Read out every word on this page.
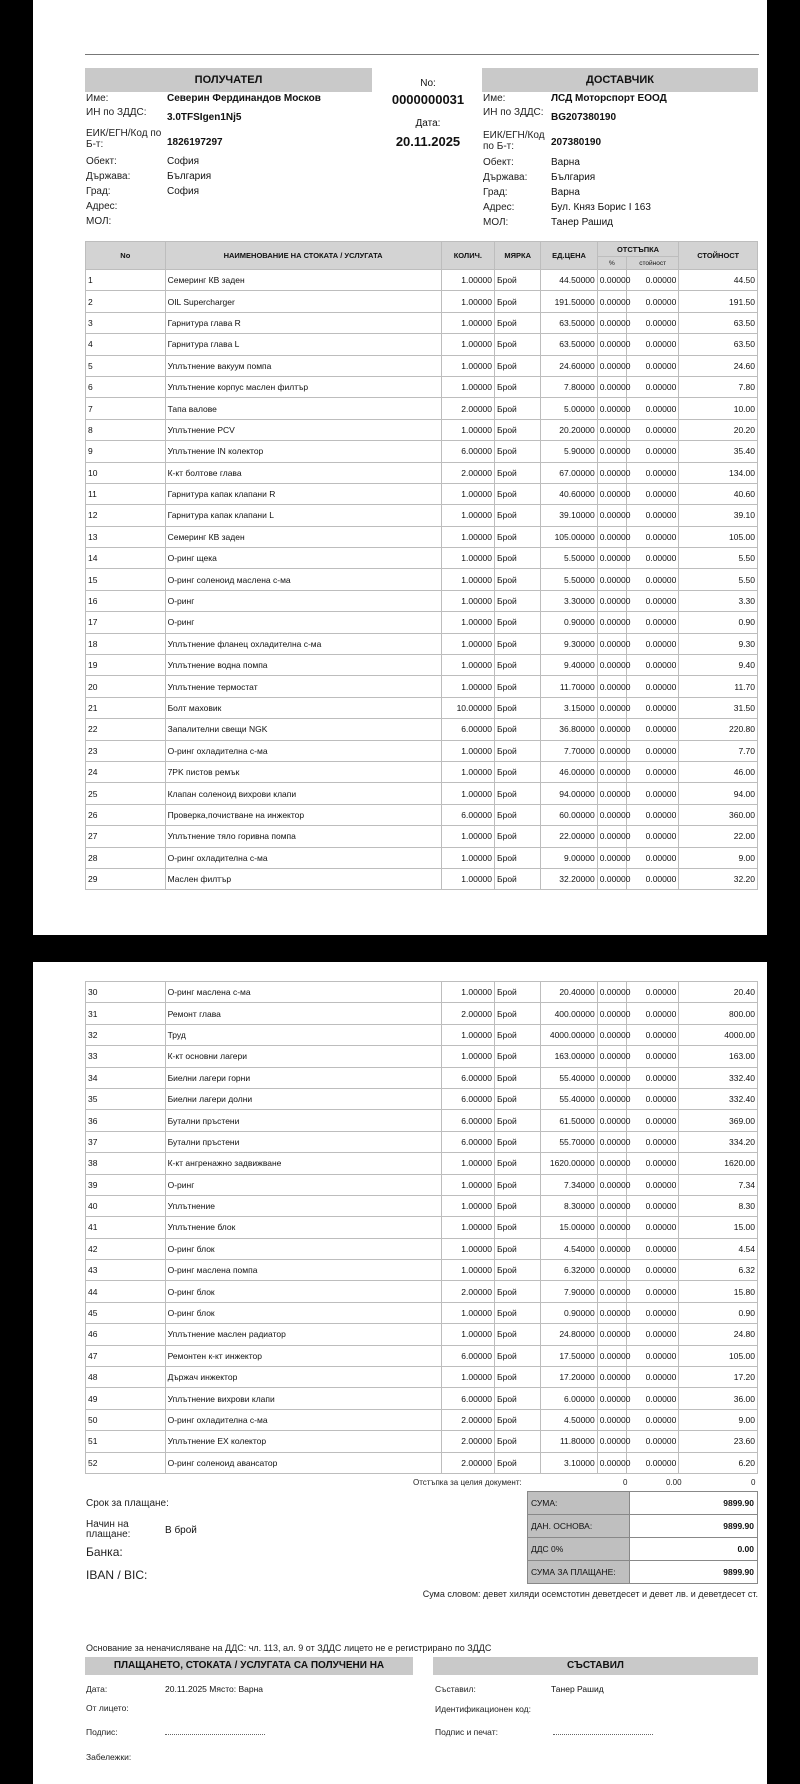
ПОЛУЧАТЕЛ	ДОСТАВЧИК
No:
0000000031
Дата:
20.11.2025
Име:	Северин Фердинандов Москов
ИН по ЗДДС: 3.0TFSIgen1Nj5
ЕИК/ЕГН/Код по
Б-т:	1826197297
Обект:	София
Държава:	България
Град:	София
Адрес:
МОЛ:
Име:	ЛСД Моторспорт ЕООД
ИН по ЗДДС: BG207380190
ЕИК/ЕГН/Код
по Б-т:	207380190
Обект:	Варна
Държава: България
Град:	Варна
Адрес:	Бул. Княз Борис I 163
МОЛ:	Танер Рашид
No	НАИМЕНОВАНИЕ НА СТОКАТА / УСЛУГАТА	КОЛИЧ.	МЯРКА	ЕД.ЦЕНА	ОТСТЪПКА		СТОЙНОСТ
					%	стойност	
1	Семеринг КВ заден	1.00000	Брой	44.50000	0.00000	0.00000	44.50
2	OIL Supercharger	1.00000	Брой	191.50000	0.00000	0.00000	191.50
3	Гарнитура глава R	1.00000	Брой	63.50000	0.00000	0.00000	63.50
4	Гарнитура глава L	1.00000	Брой	63.50000	0.00000	0.00000	63.50
5	Уплътнение вакуум помпа	1.00000	Брой	24.60000	0.00000	0.00000	24.60
6	Уплътнение корпус маслен филтър	1.00000	Брой	7.80000	0.00000	0.00000	7.80
7	Тапа валове	2.00000	Брой	5.00000	0.00000	0.00000	10.00
8	Уплътнение PCV	1.00000	Брой	20.20000	0.00000	0.00000	20.20
9	Уплътнение IN колектор	6.00000	Брой	5.90000	0.00000	0.00000	35.40
10	К-кт болтове глава	2.00000	Брой	67.00000	0.00000	0.00000	134.00
11	Гарнитура капак клапани R	1.00000	Брой	40.60000	0.00000	0.00000	40.60
12	Гарнитура капак клапани L	1.00000	Брой	39.10000	0.00000	0.00000	39.10
13	Семеринг КВ заден	1.00000	Брой	105.00000	0.00000	0.00000	105.00
14	О-ринг щека	1.00000	Брой	5.50000	0.00000	0.00000	5.50
15	О-ринг соленоид маслена с-ма	1.00000	Брой	5.50000	0.00000	0.00000	5.50
16	О-ринг	1.00000	Брой	3.30000	0.00000	0.00000	3.30
17	О-ринг	1.00000	Брой	0.90000	0.00000	0.00000	0.90
18	Уплътнение фланец охладителна с-ма	1.00000	Брой	9.30000	0.00000	0.00000	9.30
19	Уплътнение водна помпа	1.00000	Брой	9.40000	0.00000	0.00000	9.40
20	Уплътнение термостат	1.00000	Брой	11.70000	0.00000	0.00000	11.70
21	Болт маховик	10.00000	Брой	3.15000	0.00000	0.00000	31.50
22	Запалителни свещи NGK	6.00000	Брой	36.80000	0.00000	0.00000	220.80
23	О-ринг охладителна с-ма	1.00000	Брой	7.70000	0.00000	0.00000	7.70
24	7PK пистов ремък	1.00000	Брой	46.00000	0.00000	0.00000	46.00
25	Клапан соленоид вихрови клапи	1.00000	Брой	94.00000	0.00000	0.00000	94.00
26	Проверка,почистване на инжектор	6.00000	Брой	60.00000	0.00000	0.00000	360.00
27	Уплътнение тяло горивна помпа	1.00000	Брой	22.00000	0.00000	0.00000	22.00
28	О-ринг охладителна с-ма	1.00000	Брой	9.00000	0.00000	0.00000	9.00
29	Маслен филтър	1.00000	Брой	32.20000	0.00000	0.00000	32.20
30	О-ринг маслена с-ма	1.00000	Брой	20.40000	0.00000	0.00000	20.40
31	Ремонт глава	2.00000	Брой	400.00000	0.00000	0.00000	800.00
32	Труд	1.00000	Брой	4000.00000	0.00000	0.00000	4000.00
33	К-кт основни лагери	1.00000	Брой	163.00000	0.00000	0.00000	163.00
34	Биелни лагери горни	6.00000	Брой	55.40000	0.00000	0.00000	332.40
35	Биелни лагери долни	6.00000	Брой	55.40000	0.00000	0.00000	332.40
36	Бутални пръстени	6.00000	Брой	61.50000	0.00000	0.00000	369.00
37	Бутални пръстени	6.00000	Брой	55.70000	0.00000	0.00000	334.20
38	К-кт ангренажно задвижване	1.00000	Брой	1620.00000	0.00000	0.00000	1620.00
39	О-ринг	1.00000	Брой	7.34000	0.00000	0.00000	7.34
40	Уплътнение	1.00000	Брой	8.30000	0.00000	0.00000	8.30
41	Уплътнение блок	1.00000	Брой	15.00000	0.00000	0.00000	15.00
42	О-ринг блок	1.00000	Брой	4.54000	0.00000	0.00000	4.54
43	О-ринг маслена помпа	1.00000	Брой	6.32000	0.00000	0.00000	6.32
44	О-ринг блок	2.00000	Брой	7.90000	0.00000	0.00000	15.80
45	О-ринг блок	1.00000	Брой	0.90000	0.00000	0.00000	0.90
46	Уплътнение маслен радиатор	1.00000	Брой	24.80000	0.00000	0.00000	24.80
47	Ремонтен к-кт инжектор	6.00000	Брой	17.50000	0.00000	0.00000	105.00
48	Държач инжектор	1.00000	Брой	17.20000	0.00000	0.00000	17.20
49	Уплътнение вихрови клапи	6.00000	Брой	6.00000	0.00000	0.00000	36.00
50	О-ринг охладителна с-ма	2.00000	Брой	4.50000	0.00000	0.00000	9.00
51	Уплътнение EX колектор	2.00000	Брой	11.80000	0.00000	0.00000	23.60
52	О-ринг соленоид авансатор	2.00000	Брой	3.10000	0.00000	0.00000	6.20
Отстъпка за целия документ:	0	0.00	0
Срок за плащане:
Начин на
плащане:	В брой
Банка:
IBAN / BIC:
СУМА:	9899.90
ДАН. ОСНОВА:	9899.90
ДДС 0%	0.00
СУМА ЗА ПЛАЩАНЕ:	9899.90
Сума словом: девет хиляди осемстотин деветдесет и девет лв. и деветдесет ст.
Основание за неначисляване на ДДС: чл. 113, ал. 9 от ЗДДС лицето не е регистрирано по ЗДДС
ПЛАЩАНЕТО, СТОКАТА / УСЛУГАТА СА ПОЛУЧЕНИ НА	СЪСТАВИЛ
Дата:	20.11.2025 Място: Варна
От лицето:
Подпис:
Забележки:
Съставил:	Танер Рашид
Идентификационен код:
Подпис и печат:
